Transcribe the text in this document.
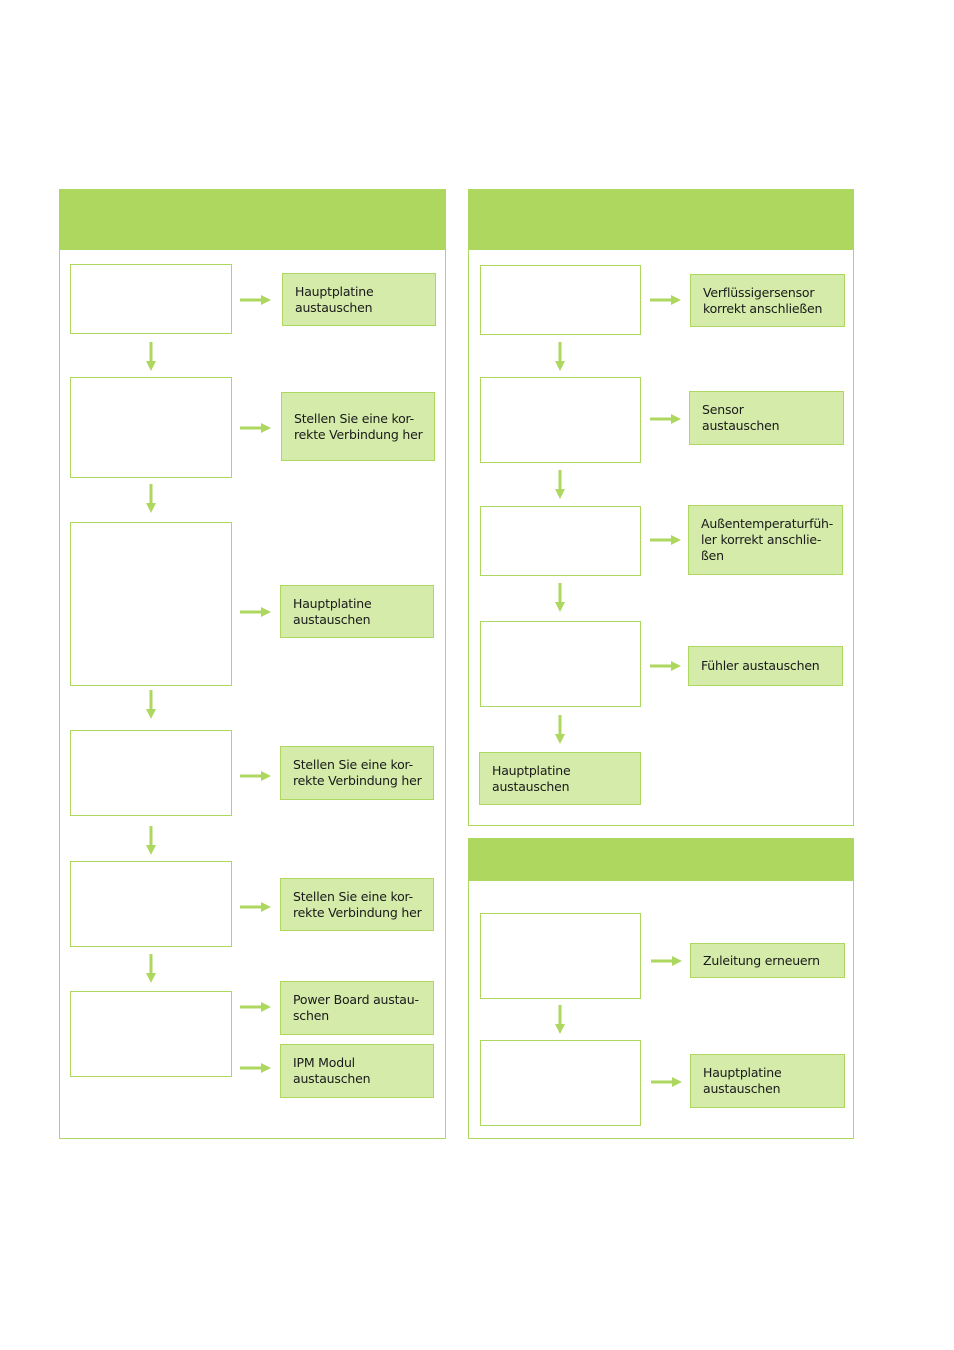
Hauptplatine
austauschen
Stellen Sie eine kor-
rekte Verbindung her
Hauptplatine
austauschen
Stellen Sie eine kor-
rekte Verbindung her
Stellen Sie eine kor-
rekte Verbindung her
Power Board austau-
schen
IPM Modul
austauschen
Verflüssigersensor
korrekt anschließen
Sensor
austauschen
Außentemperaturfüh-
ler korrekt anschlie-
ßen
Fühler austauschen
Hauptplatine
austauschen
Zuleitung erneuern
Hauptplatine
austauschen
